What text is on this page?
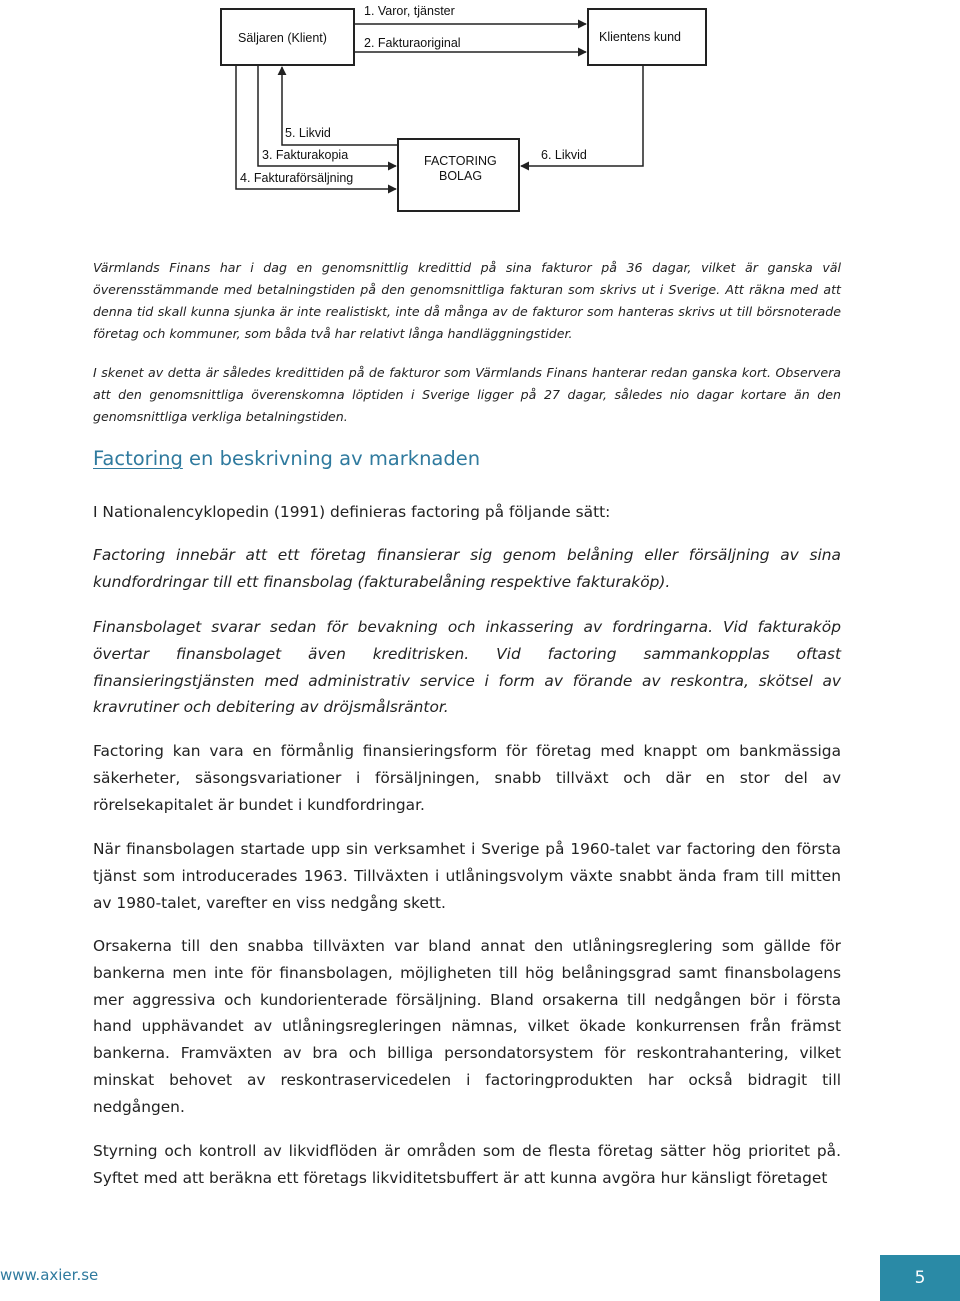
Säljaren (Klient)	Klientens kund
FACTORING
BOLAG
1. Varor, tjänster
2. Fakturaoriginal
5. Likvid
3. Fakturakopia
4. Fakturaförsäljning
6. Likvid

Värmlands Finans har i dag en genomsnittlig kredittid på sina fakturor på 36 dagar, vilket är ganska väl överensstämmande med betalningstiden på den genomsnittliga fakturan som skrivs ut i Sverige. Att räkna med att denna tid skall kunna sjunka är inte realistiskt, inte då många av de fakturor som hanteras skrivs ut till börsnoterade företag och kommuner, som båda två har relativt långa handläggningstider.

I skenet av detta är således kredittiden på de fakturor som Värmlands Finans hanterar redan ganska kort. Observera att den genomsnittliga överenskomna löptiden i Sverige ligger på 27 dagar, således nio dagar kortare än den genomsnittliga verkliga betalningstiden.

Factoring en beskrivning av marknaden

I Nationalencyklopedin (1991) definieras factoring på följande sätt:

Factoring innebär att ett företag finansierar sig genom belåning eller försäljning av sina kundfordringar till ett finansbolag (fakturabelåning respektive fakturaköp).

Finansbolaget svarar sedan för bevakning och inkassering av fordringarna. Vid fakturaköp övertar finansbolaget även kreditrisken. Vid factoring sammankopplas oftast finansieringstjänsten med administrativ service i form av förande av reskontra, skötsel av kravrutiner och debitering av dröjsmålsräntor.

Factoring kan vara en förmånlig finansieringsform för företag med knappt om bankmässiga säkerheter, säsongsvariationer i försäljningen, snabb tillväxt och där en stor del av rörelsekapitalet är bundet i kundfordringar.

När finansbolagen startade upp sin verksamhet i Sverige på 1960-talet var factoring den första tjänst som introducerades 1963. Tillväxten i utlåningsvolym växte snabbt ända fram till mitten av 1980-talet, varefter en viss nedgång skett.

Orsakerna till den snabba tillväxten var bland annat den utlåningsreglering som gällde för bankerna men inte för finansbolagen, möjligheten till hög belåningsgrad samt finansbolagens mer aggressiva och kundorienterade försäljning. Bland orsakerna till nedgången bör i första hand upphävandet av utlåningsregleringen nämnas, vilket ökade konkurrensen från främst bankerna. Framväxten av bra och billiga persondatorsystem för reskontrahantering, vilket minskat behovet av reskontraservicedelen i factoringprodukten har också bidragit till nedgången.

Styrning och kontroll av likvidflöden är områden som de flesta företag sätter hög prioritet på. Syftet med att beräkna ett företags likviditetsbuffert är att kunna avgöra hur känsligt företaget

www.axier.se	5
